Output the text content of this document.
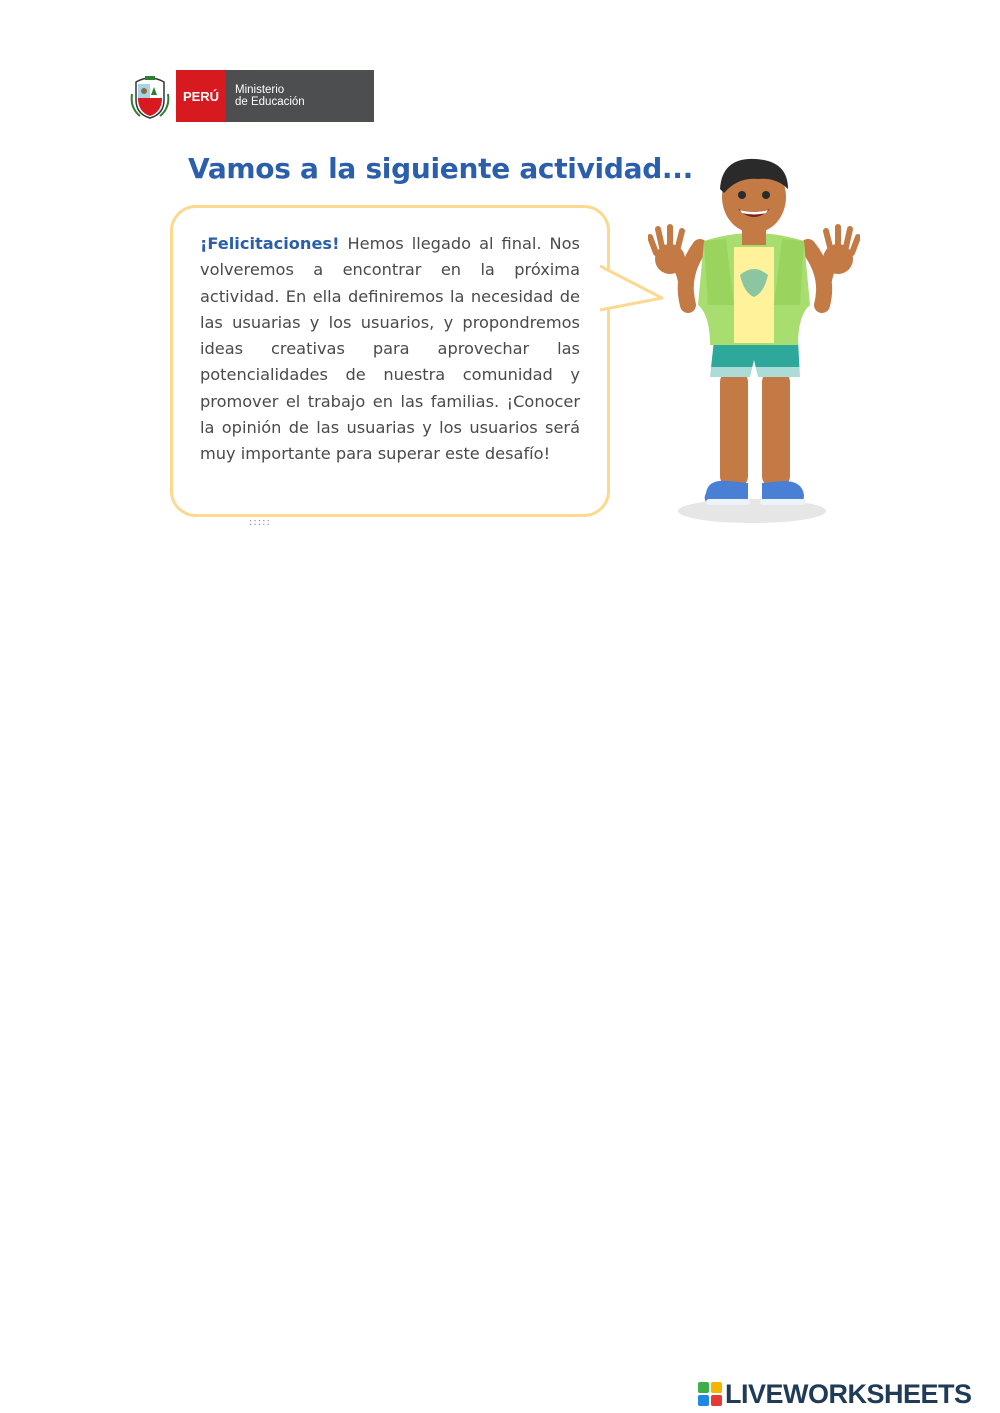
PERÚ	Ministerio
de Educación
Vamos a la siguiente actividad...

¡Felicitaciones! Hemos llegado al final. Nos volveremos a encontrar en la próxima actividad. En ella definiremos la necesidad de las usuarias y los usuarios, y propondremos ideas creativas para aprovechar las potencialidades de nuestra comunidad y promover el trabajo en las familias. ¡Conocer la opinión de las usuarias y los usuarios será muy importante para superar este desafío!

:::::
LIVEWORKSHEETS
